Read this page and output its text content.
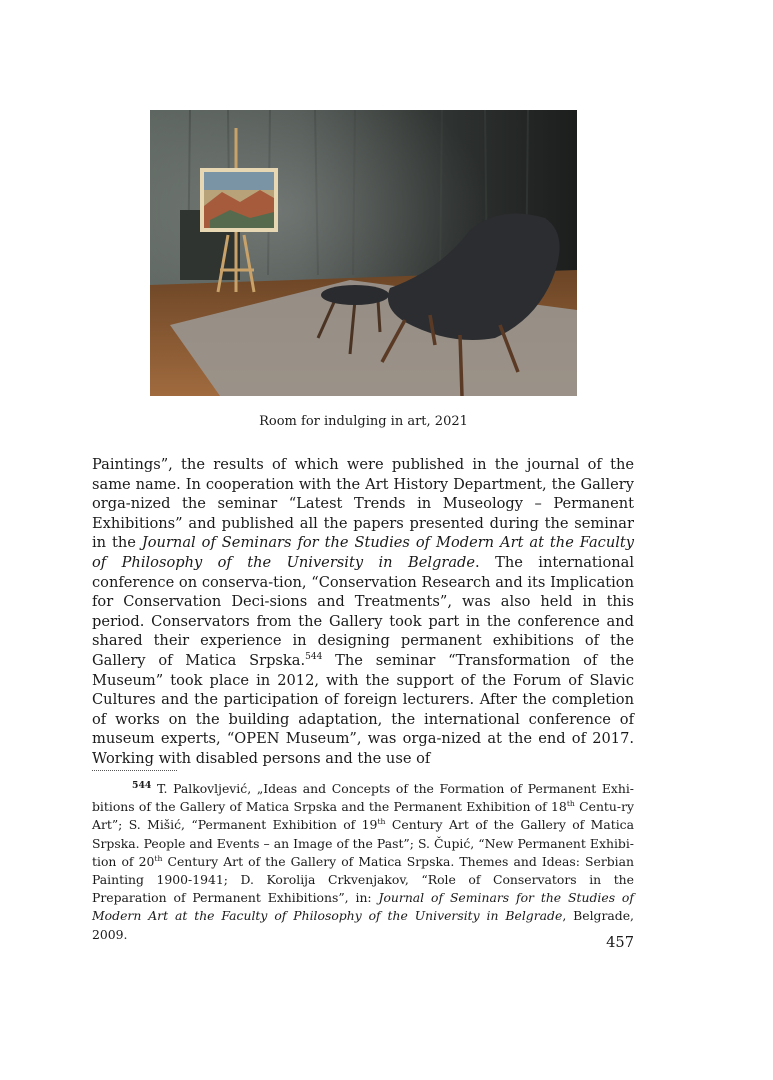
Room for indulging in art, 2021

Paintings”, the results of which were published in the journal of the same name. In cooperation with the Art History Department, the Gallery orga-nized the seminar “Latest Trends in Museology – Permanent Exhibitions” and published all the papers presented during the seminar in the Journal of Seminars for the Studies of Modern Art at the Faculty of Philosophy of the University in Belgrade. The international conference on conserva-tion, “Conservation Research and its Implication for Conservation Deci-sions and Treatments”, was also held in this period. Conservators from the Gallery took part in the conference and shared their experience in designing permanent exhibitions of the Gallery of Matica Srpska.$^{544}$ The seminar “Transformation of the Museum” took place in 2012, with the support of the Forum of Slavic Cultures and the participation of foreign lecturers. After the completion of works on the building adaptation, the international conference of museum experts, “OPEN Museum”, was orga-nized at the end of 2017. Working with disabled persons and the use of

$^{544}$ T. Palkovljević, „Ideas and Concepts of the Formation of Permanent Exhi-bitions of the Gallery of Matica Srpska and the Permanent Exhibition of 18th Centu-ry Art”; S. Mišić, “Permanent Exhibition of 19th Century Art of the Gallery of Matica Srpska. People and Events – an Image of the Past”; S. Čupić, “New Permanent Exhibi-tion of 20th Century Art of the Gallery of Matica Srpska. Themes and Ideas: Serbian Painting 1900-1941; D. Korolija Crkvenjakov, “Role of Conservators in the Preparation of Permanent Exhibitions”, in: Journal of Seminars for the Studies of Modern Art at the Faculty of Philosophy of the University in Belgrade, Belgrade, 2009.	457
